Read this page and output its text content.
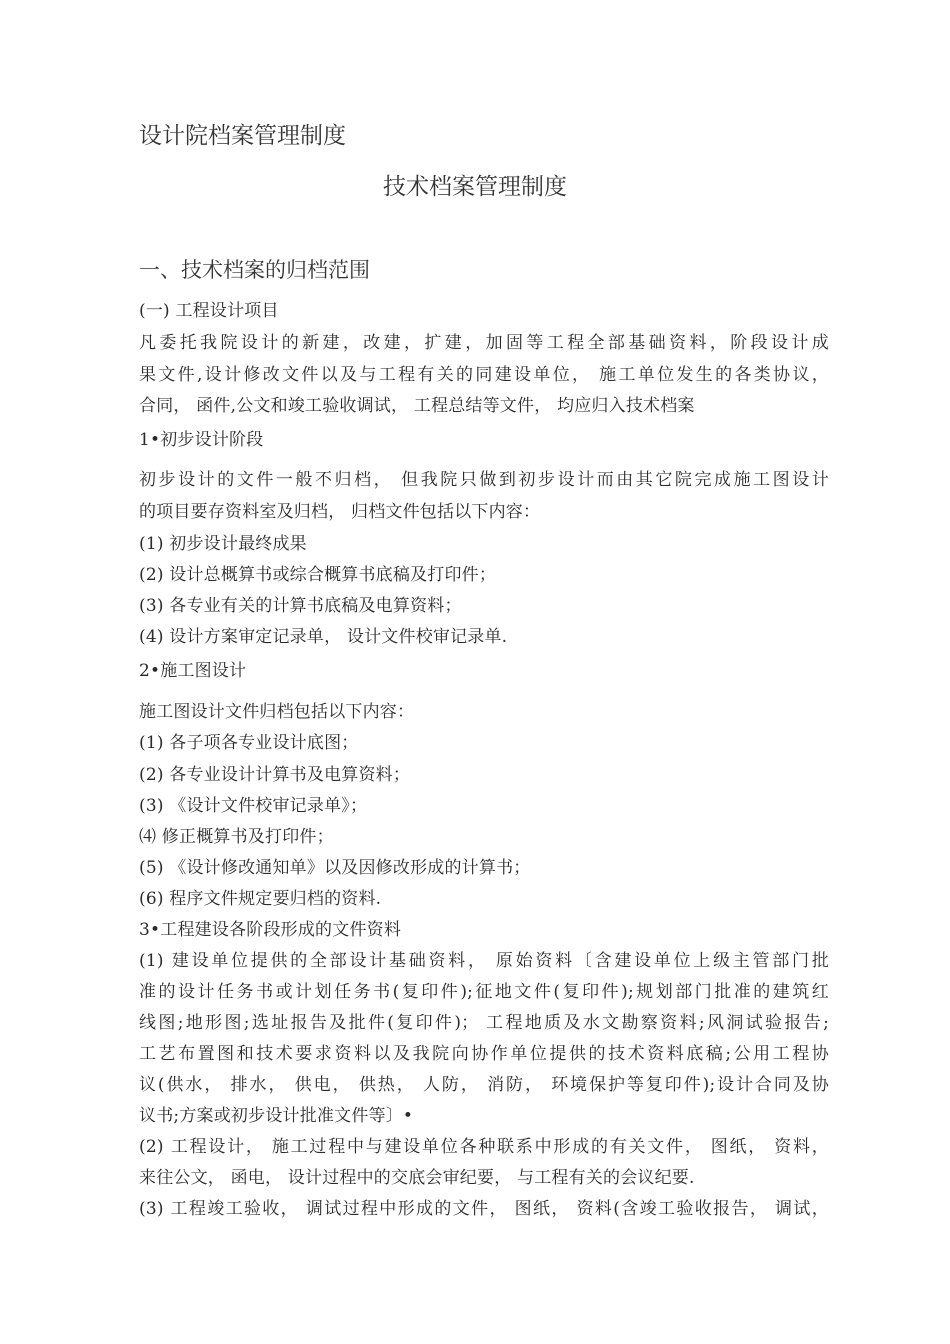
设计院档案管理制度
技术档案管理制度
一、技术档案的归档范围
(一) 工程设计项目
凡委托我院设计的新建，改建，扩建，加固等工程全部基础资料，阶段设计成
果文件,设计修改文件以及与工程有关的同建设单位， 施工单位发生的各类协议，
合同， 函件,公文和竣工验收调试， 工程总结等文件， 均应归入技术档案
1•初步设计阶段
初步设计的文件一般不归档， 但我院只做到初步设计而由其它院完成施工图设计
的项目要存资料室及归档， 归档文件包括以下内容：
(1) 初步设计最终成果
(2) 设计总概算书或综合概算书底稿及打印件；
(3) 各专业有关的计算书底稿及电算资料；
(4) 设计方案审定记录单， 设计文件校审记录单.
2•施工图设计
施工图设计文件归档包括以下内容：
(1) 各子项各专业设计底图；
(2) 各专业设计计算书及电算资料；
(3) 《设计文件校审记录单》；
⑷ 修正概算书及打印件；
(5) 《设计修改通知单》以及因修改形成的计算书；
(6) 程序文件规定要归档的资料.
3•工程建设各阶段形成的文件资料
(1) 建设单位提供的全部设计基础资料， 原始资料〔含建设单位上级主管部门批
准的设计任务书或计划任务书(复印件);征地文件(复印件);规划部门批准的建筑红
线图;地形图;选址报告及批件(复印件)； 工程地质及水文勘察资料;风洞试验报告;
工艺布置图和技术要求资料以及我院向协作单位提供的技术资料底稿;公用工程协
议(供水， 排水， 供电， 供热， 人防， 消防， 环境保护等复印件);设计合同及协
议书;方案或初步设计批准文件等〕•
(2) 工程设计， 施工过程中与建设单位各种联系中形成的有关文件， 图纸， 资料，
来往公文， 函电， 设计过程中的交底会审纪要， 与工程有关的会议纪要.
(3) 工程竣工验收， 调试过程中形成的文件， 图纸， 资料(含竣工验收报告， 调试，
